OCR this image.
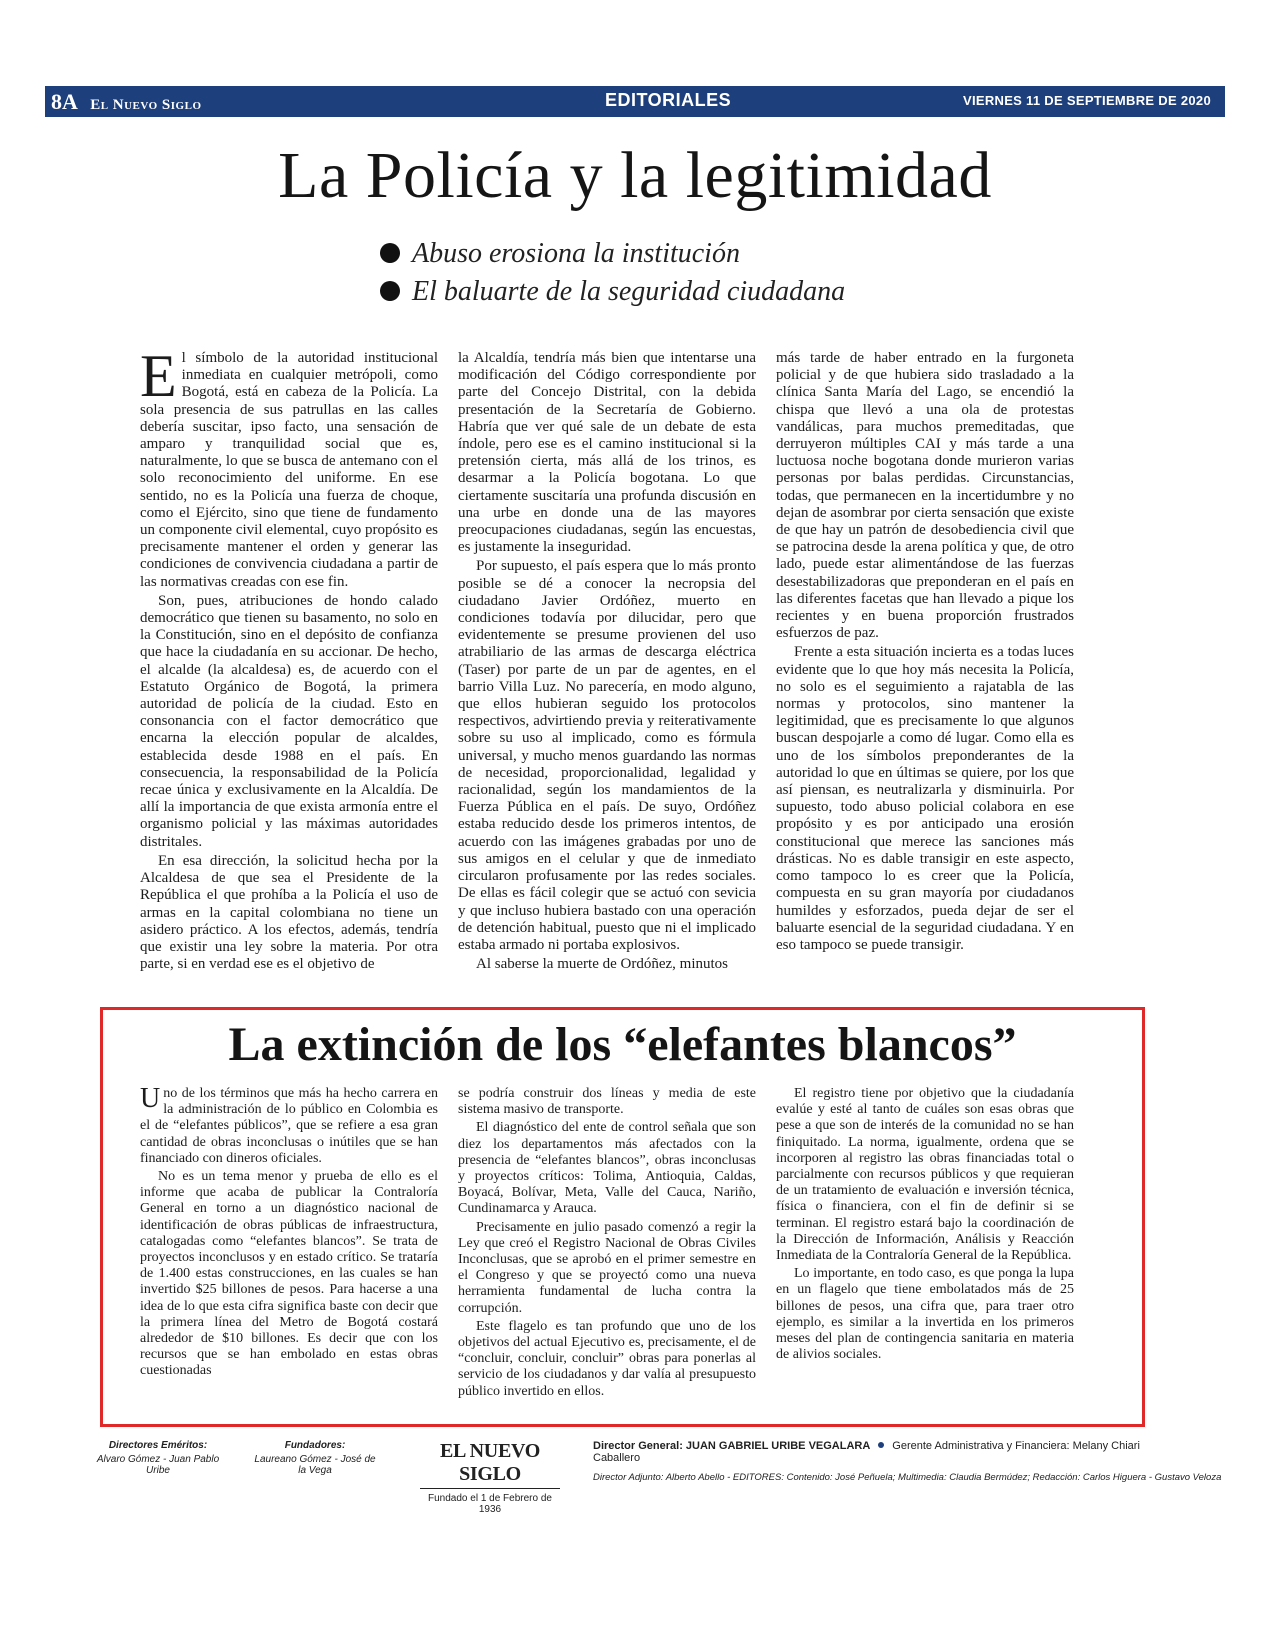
8A El Nuevo Siglo	EDITORIALES	VIERNES 11 DE SEPTIEMBRE DE 2020
La Policía y la legitimidad
Abuso erosiona la institución
El baluarte de la seguridad ciudadana

El símbolo de la autoridad institucional inmediata en cualquier metrópoli, como Bogotá, está en cabeza de la Policía. La sola presencia de sus patrullas en las calles debería suscitar, ipso facto, una sensación de amparo y tranquilidad social que es, naturalmente, lo que se busca de antemano con el solo reconocimiento del uniforme. En ese sentido, no es la Policía una fuerza de choque, como el Ejército, sino que tiene de fundamento un componente civil elemental, cuyo propósito es precisamente mantener el orden y generar las condiciones de convivencia ciudadana a partir de las normativas creadas con ese fin.

Son, pues, atribuciones de hondo calado democrático que tienen su basamento, no solo en la Constitución, sino en el depósito de confianza que hace la ciudadanía en su accionar. De hecho, el alcalde (la alcaldesa) es, de acuerdo con el Estatuto Orgánico de Bogotá, la primera autoridad de policía de la ciudad. Esto en consonancia con el factor democrático que encarna la elección popular de alcaldes, establecida desde 1988 en el país. En consecuencia, la responsabilidad de la Policía recae única y exclusivamente en la Alcaldía. De allí la importancia de que exista armonía entre el organismo policial y las máximas autoridades distritales.

En esa dirección, la solicitud hecha por la Alcaldesa de que sea el Presidente de la República el que prohíba a la Policía el uso de armas en la capital colombiana no tiene un asidero práctico. A los efectos, además, tendría que existir una ley sobre la materia. Por otra parte, si en verdad ese es el objetivo de

la Alcaldía, tendría más bien que intentarse una modificación del Código correspondiente por parte del Concejo Distrital, con la debida presentación de la Secretaría de Gobierno. Habría que ver qué sale de un debate de esta índole, pero ese es el camino institucional si la pretensión cierta, más allá de los trinos, es desarmar a la Policía bogotana. Lo que ciertamente suscitaría una profunda discusión en una urbe en donde una de las mayores preocupaciones ciudadanas, según las encuestas, es justamente la inseguridad.

Por supuesto, el país espera que lo más pronto posible se dé a conocer la necropsia del ciudadano Javier Ordóñez, muerto en condiciones todavía por dilucidar, pero que evidentemente se presume provienen del uso atrabiliario de las armas de descarga eléctrica (Taser) por parte de un par de agentes, en el barrio Villa Luz. No parecería, en modo alguno, que ellos hubieran seguido los protocolos respectivos, advirtiendo previa y reiterativamente sobre su uso al implicado, como es fórmula universal, y mucho menos guardando las normas de necesidad, proporcionalidad, legalidad y racionalidad, según los mandamientos de la Fuerza Pública en el país. De suyo, Ordóñez estaba reducido desde los primeros intentos, de acuerdo con las imágenes grabadas por uno de sus amigos en el celular y que de inmediato circularon profusamente por las redes sociales. De ellas es fácil colegir que se actuó con sevicia y que incluso hubiera bastado con una operación de detención habitual, puesto que ni el implicado estaba armado ni portaba explosivos.

Al saberse la muerte de Ordóñez, minutos

más tarde de haber entrado en la furgoneta policial y de que hubiera sido trasladado a la clínica Santa María del Lago, se encendió la chispa que llevó a una ola de protestas vandálicas, para muchos premeditadas, que derruyeron múltiples CAI y más tarde a una luctuosa noche bogotana donde murieron varias personas por balas perdidas. Circunstancias, todas, que permanecen en la incertidumbre y no dejan de asombrar por cierta sensación que existe de que hay un patrón de desobediencia civil que se patrocina desde la arena política y que, de otro lado, puede estar alimentándose de las fuerzas desestabilizadoras que preponderan en el país en las diferentes facetas que han llevado a pique los recientes y en buena proporción frustrados esfuerzos de paz.

Frente a esta situación incierta es a todas luces evidente que lo que hoy más necesita la Policía, no solo es el seguimiento a rajatabla de las normas y protocolos, sino mantener la legitimidad, que es precisamente lo que algunos buscan despojarle a como dé lugar. Como ella es uno de los símbolos preponderantes de la autoridad lo que en últimas se quiere, por los que así piensan, es neutralizarla y disminuirla. Por supuesto, todo abuso policial colabora en ese propósito y es por anticipado una erosión constitucional que merece las sanciones más drásticas. No es dable transigir en este aspecto, como tampoco lo es creer que la Policía, compuesta en su gran mayoría por ciudadanos humildes y esforzados, pueda dejar de ser el baluarte esencial de la seguridad ciudadana. Y en eso tampoco se puede transigir.

La extinción de los “elefantes blancos”

Uno de los términos que más ha hecho carrera en la administración de lo público en Colombia es el de “elefantes públicos”, que se refiere a esa gran cantidad de obras inconclusas o inútiles que se han financiado con dineros oficiales.

No es un tema menor y prueba de ello es el informe que acaba de publicar la Contraloría General en torno a un diagnóstico nacional de identificación de obras públicas de infraestructura, catalogadas como “elefantes blancos”. Se trata de proyectos inconclusos y en estado crítico. Se trataría de 1.400 estas construcciones, en las cuales se han invertido $25 billones de pesos. Para hacerse a una idea de lo que esta cifra significa baste con decir que la primera línea del Metro de Bogotá costará alrededor de $10 billones. Es decir que con los recursos que se han embolado en estas obras cuestionadas

se podría construir dos líneas y media de este sistema masivo de transporte.

El diagnóstico del ente de control señala que son diez los departamentos más afectados con la presencia de “elefantes blancos”, obras inconclusas y proyectos críticos: Tolima, Antioquia, Caldas, Boyacá, Bolívar, Meta, Valle del Cauca, Nariño, Cundinamarca y Arauca.

Precisamente en julio pasado comenzó a regir la Ley que creó el Registro Nacional de Obras Civiles Inconclusas, que se aprobó en el primer semestre en el Congreso y que se proyectó como una nueva herramienta fundamental de lucha contra la corrupción.

Este flagelo es tan profundo que uno de los objetivos del actual Ejecutivo es, precisamente, el de “concluir, concluir, concluir” obras para ponerlas al servicio de los ciudadanos y dar valía al presupuesto público invertido en ellos.

El registro tiene por objetivo que la ciudadanía evalúe y esté al tanto de cuáles son esas obras que pese a que son de interés de la comunidad no se han finiquitado. La norma, igualmente, ordena que se incorporen al registro las obras financiadas total o parcialmente con recursos públicos y que requieran de un tratamiento de evaluación e inversión técnica, física o financiera, con el fin de definir si se terminan. El registro estará bajo la coordinación de la Dirección de Información, Análisis y Reacción Inmediata de la Contraloría General de la República.

Lo importante, en todo caso, es que ponga la lupa en un flagelo que tiene embolatados más de 25 billones de pesos, una cifra que, para traer otro ejemplo, es similar a la invertida en los primeros meses del plan de contingencia sanitaria en materia de alivios sociales.

Directores Eméritos:
Alvaro Gómez - Juan Pablo Uribe
Fundadores:
Laureano Gómez - José de la Vega
EL NUEVO SIGLO
Fundado el 1 de Febrero de 1936
Director General: JUAN GABRIEL URIBE VEGALARA Gerente Administrativa y Financiera: Melany Chiari Caballero
Director Adjunto: Alberto Abello - EDITORES: Contenido: José Peñuela; Multimedia: Claudia Bermúdez; Redacción: Carlos Higuera - Gustavo Veloza
